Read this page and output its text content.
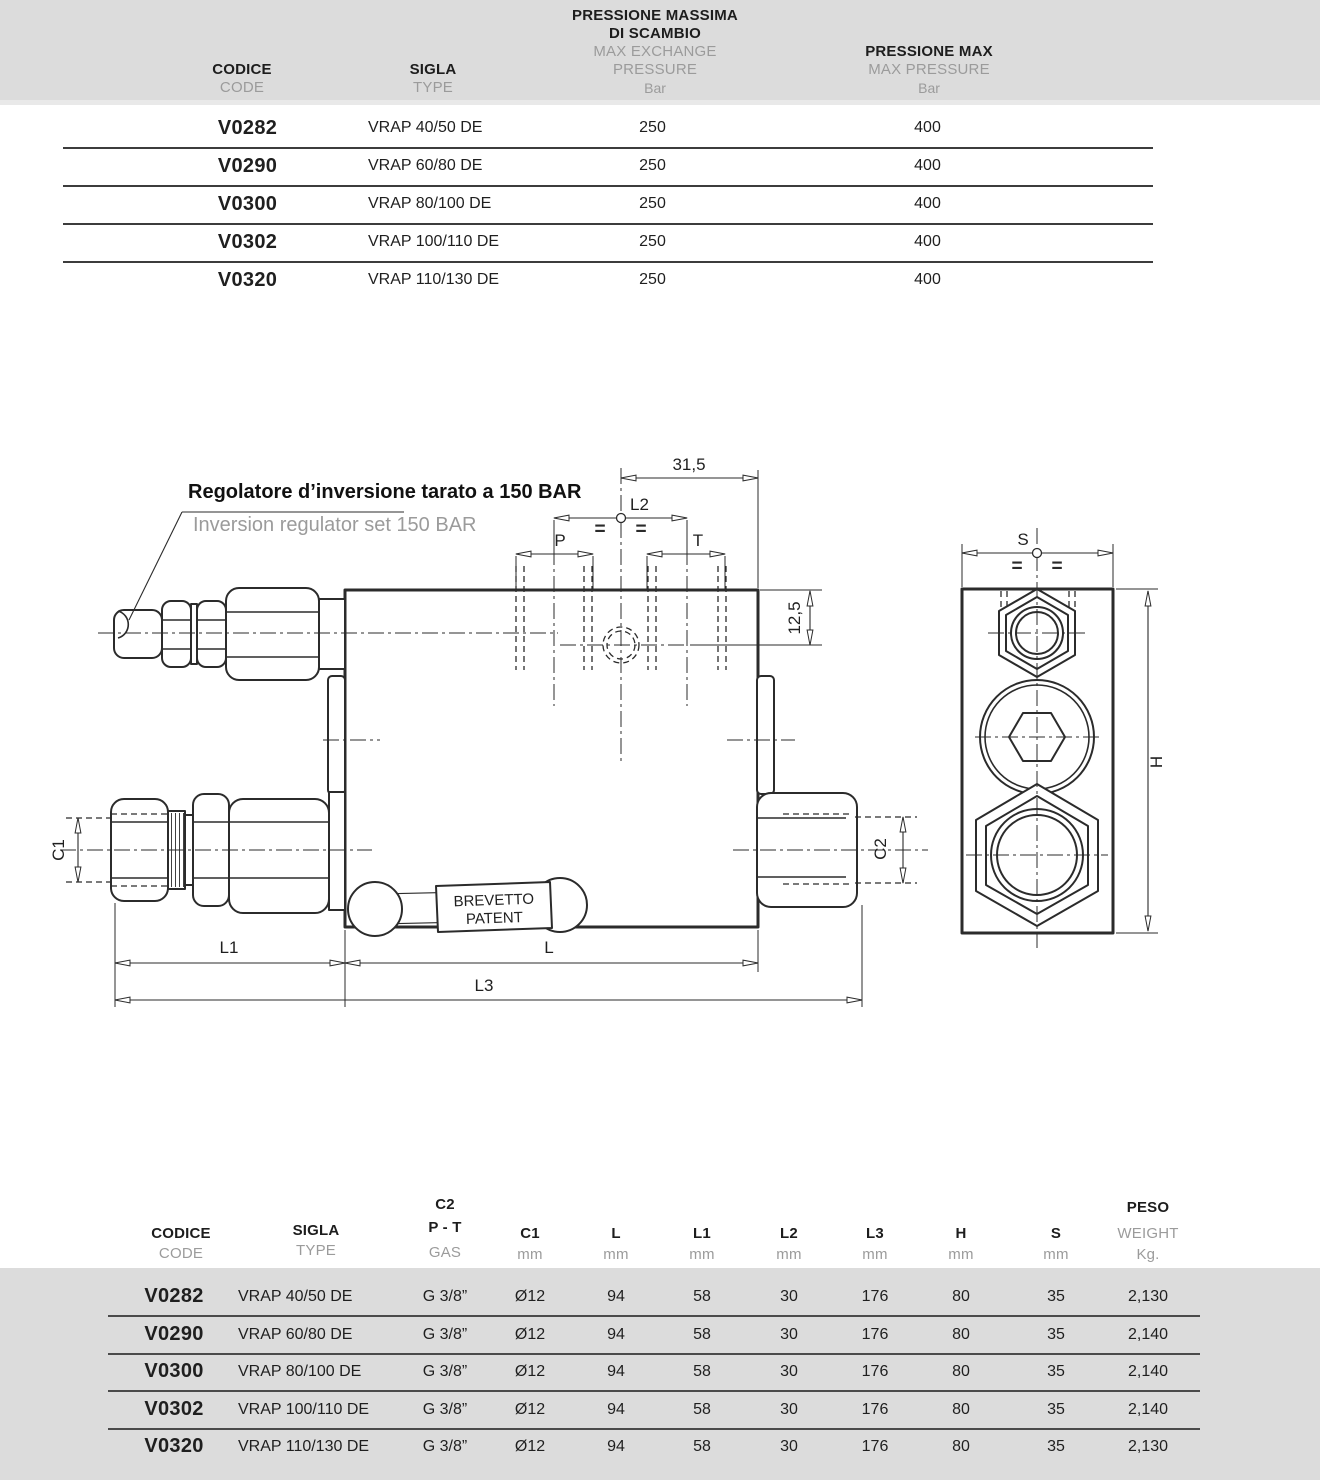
CODICE
CODE
SIGLA
TYPE
PRESSIONE MASSIMA
DI SCAMBIO
MAX EXCHANGE
PRESSURE
Bar
PRESSIONE MAX
MAX PRESSURE
Bar
V0282	VRAP 40/50 DE	250	400
V0290	VRAP 60/80 DE	250	400
V0300	VRAP 80/100 DE	250	400
V0302	VRAP 100/110 DE	250	400
V0320	VRAP 110/130 DE	250	400
BREVETTO
PATENT
31,5
L2
= =
P	T
12,5
C1	C2
L1	L
L3
Regolatore d’inversione tarato a 150 BAR
Inversion regulator set 150 BAR
S
= =
H
CODICE
CODE
SIGLA
TYPE
C2
P - T
GAS
C1
mm
L
mm
L1
mm
L2
mm
L3
mm
H
mm
S
mm
PESO
WEIGHT
Kg.
V0282 VRAP 40/50 DE	G 3/8”	Ø12	94	58	30	176	80	35	2,130
V0290 VRAP 60/80 DE	G 3/8”	Ø12	94	58	30	176	80	35	2,140
V0300 VRAP 80/100 DE	G 3/8”	Ø12	94	58	30	176	80	35	2,140
V0302 VRAP 100/110 DE	G 3/8”	Ø12	94	58	30	176	80	35	2,140
V0320 VRAP 110/130 DE	G 3/8”	Ø12	94	58	30	176	80	35	2,130
